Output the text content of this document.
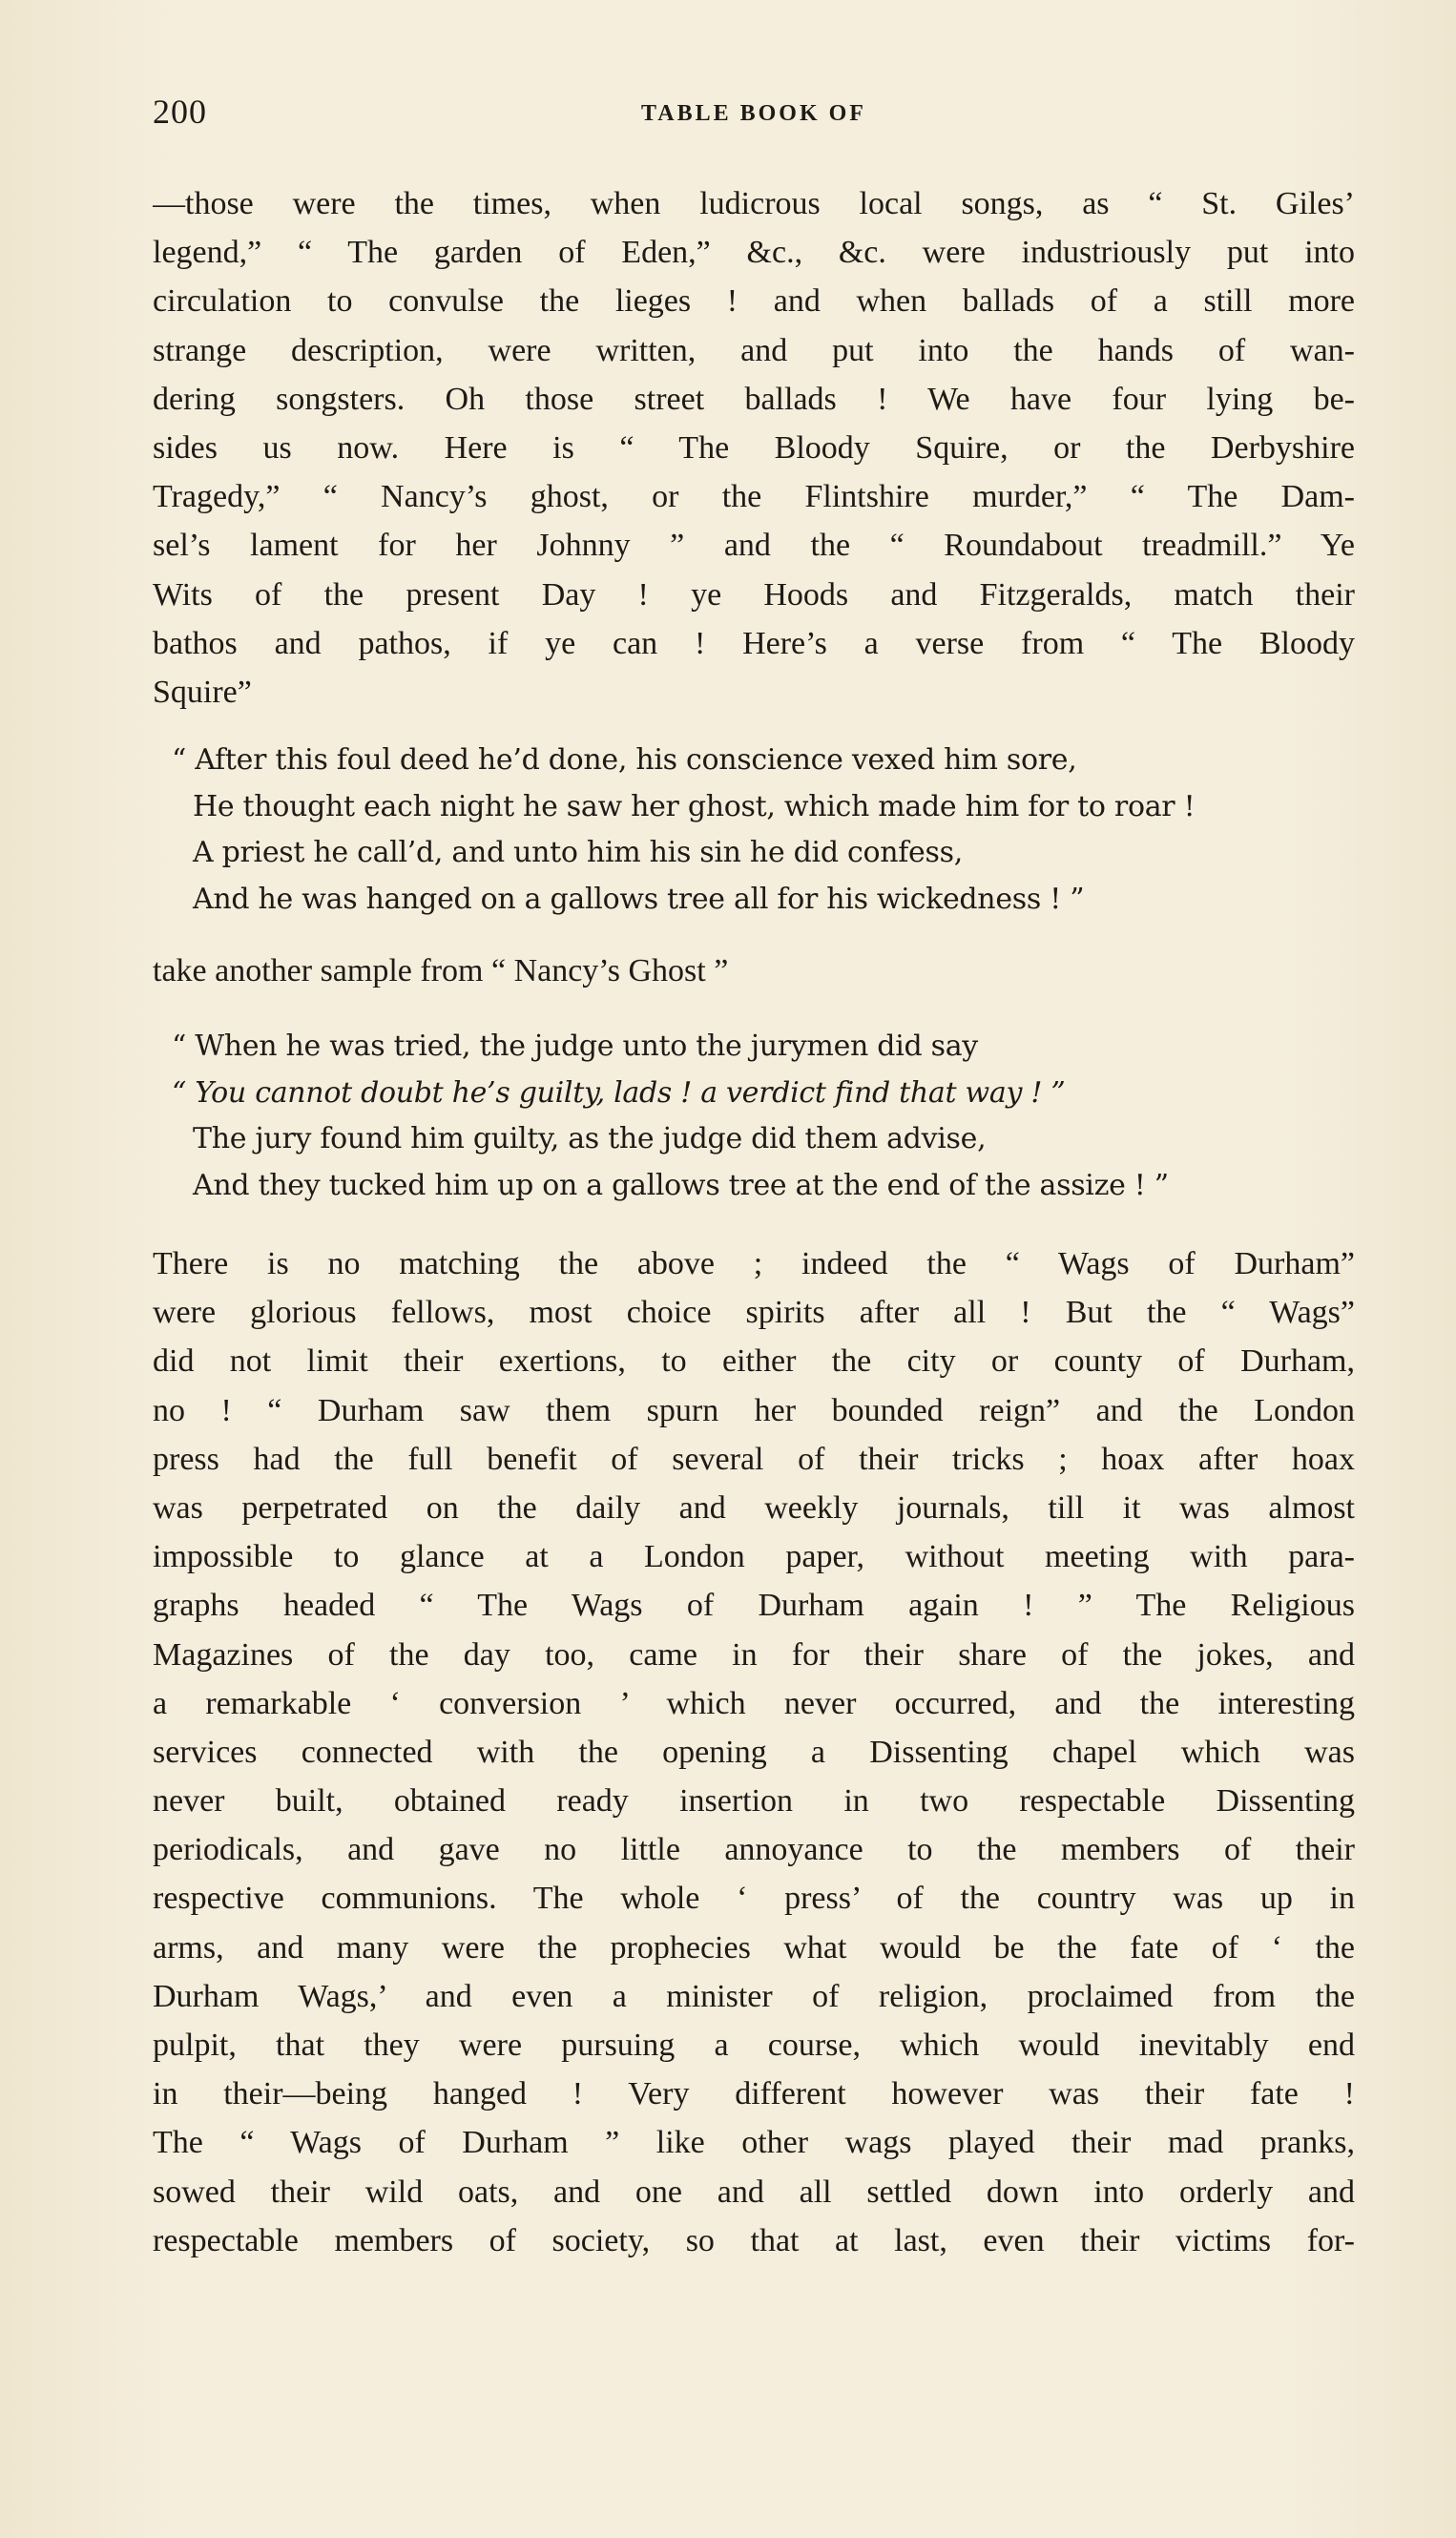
200	TABLE BOOK OF
—those were the times, when ludicrous local songs, as “ St. Giles’
legend,” “ The garden of Eden,” &c., &c. were industriously put into
circulation to convulse the lieges ! and when ballads of a still more
strange description, were written, and put into the hands of wan-
dering songsters. Oh those street ballads ! We have four lying be-
sides us now. Here is “ The Bloody Squire, or the Derbyshire
Tragedy,” “ Nancy’s ghost, or the Flintshire murder,” “ The Dam-
sel’s lament for her Johnny ” and the “ Roundabout treadmill.” Ye
Wits of the present Day ! ye Hoods and Fitzgeralds, match their
bathos and pathos, if ye can ! Here’s a verse from “ The Bloody
Squire”
“ After this foul deed he’d done, his conscience vexed him sore,
He thought each night he saw her ghost, which made him for to roar !
A priest he call’d, and unto him his sin he did confess,
And he was hanged on a gallows tree all for his wickedness ! ”
take another sample from “ Nancy’s Ghost ”
“ When he was tried, the judge unto the jurymen did say
“ You cannot doubt he’s guilty, lads ! a verdict find that way ! ”
The jury found him guilty, as the judge did them advise,
And they tucked him up on a gallows tree at the end of the assize ! ”
There is no matching the above ; indeed the “ Wags of Durham”
were glorious fellows, most choice spirits after all ! But the “ Wags”
did not limit their exertions, to either the city or county of Durham,
no ! “ Durham saw them spurn her bounded reign” and the London
press had the full benefit of several of their tricks ; hoax after hoax
was perpetrated on the daily and weekly journals, till it was almost
impossible to glance at a London paper, without meeting with para-
graphs headed “ The Wags of Durham again ! ” The Religious
Magazines of the day too, came in for their share of the jokes, and
a remarkable ‘ conversion ’ which never occurred, and the interesting
services connected with the opening a Dissenting chapel which was
never built, obtained ready insertion in two respectable Dissenting
periodicals, and gave no little annoyance to the members of their
respective communions. The whole ‘ press’ of the country was up in
arms, and many were the prophecies what would be the fate of ‘ the
Durham Wags,’ and even a minister of religion, proclaimed from the
pulpit, that they were pursuing a course, which would inevitably end
in their—being hanged ! Very different however was their fate !
The “ Wags of Durham ” like other wags played their mad pranks,
sowed their wild oats, and one and all settled down into orderly and
respectable members of society, so that at last, even their victims for-
